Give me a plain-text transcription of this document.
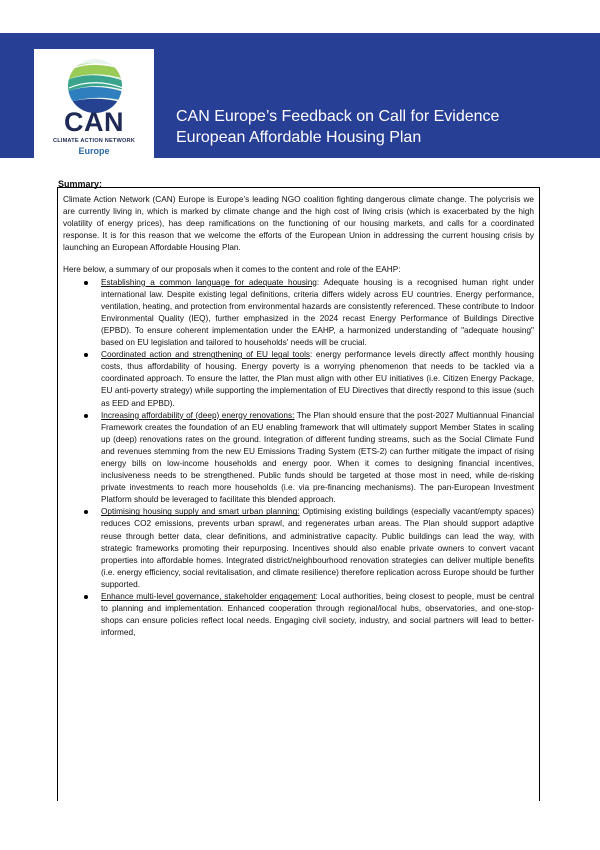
CAN
CLIMATE ACTION NETWORK
Europe
CAN Europe’s Feedback on Call for Evidence
European Affordable Housing Plan
Summary:

Climate Action Network (CAN) Europe is Europe’s leading NGO coalition fighting dangerous climate change. The polycrisis we are currently living in, which is marked by climate change and the high cost of living crisis (which is exacerbated by the high volatility of energy prices), has deep ramifications on the functioning of our housing markets, and calls for a coordinated response. It is for this reason that we welcome the efforts of the European Union in addressing the current housing crisis by launching an European Affordable Housing Plan.

Here below, a summary of our proposals when it comes to the content and role of the EAHP:

Establishing a common language for adequate housing: Adequate housing is a recognised human right under international law. Despite existing legal definitions, criteria differs widely across EU countries. Energy performance, ventilation, heating, and protection from environmental hazards are consistently referenced. These contribute to Indoor Environmental Quality (IEQ), further emphasized in the 2024 recast Energy Performance of Buildings Directive (EPBD). To ensure coherent implementation under the EAHP, a harmonized understanding of "adequate housing" based on EU legislation and tailored to households' needs will be crucial.
Coordinated action and strengthening of EU legal tools: energy performance levels directly affect monthly housing costs, thus affordability of housing. Energy poverty is a worrying phenomenon that needs to be tackled via a coordinated approach. To ensure the latter, the Plan must align with other EU initiatives (i.e. Citizen Energy Package, EU anti-poverty strategy) while supporting the implementation of EU Directives that directly respond to this issue (such as EED and EPBD).
Increasing affordability of (deep) energy renovations: The Plan should ensure that the post-2027 Multiannual Financial Framework creates the foundation of an EU enabling framework that will ultimately support Member States in scaling up (deep) renovations rates on the ground. Integration of different funding streams, such as the Social Climate Fund and revenues stemming from the new EU Emissions Trading System (ETS-2) can further mitigate the impact of rising energy bills on low-income households and energy poor. When it comes to designing financial incentives, inclusiveness needs to be strengthened. Public funds should be targeted at those most in need, while de-risking private investments to reach more households (i.e. via pre-financing mechanisms). The pan-European Investment Platform should be leveraged to facilitate this blended approach.
Optimising housing supply and smart urban planning: Optimising existing buildings (especially vacant/empty spaces) reduces CO2 emissions, prevents urban sprawl, and regenerates urban areas. The Plan should support adaptive reuse through better data, clear definitions, and administrative capacity. Public buildings can lead the way, with strategic frameworks promoting their repurposing. Incentives should also enable private owners to convert vacant properties into affordable homes. Integrated district/neighbourhood renovation strategies can deliver multiple benefits (i.e. energy efficiency, social revitalisation, and climate resilience) therefore replication across Europe should be further supported.
Enhance multi-level governance, stakeholder engagement: Local authorities, being closest to people, must be central to planning and implementation. Enhanced cooperation through regional/local hubs, observatories, and one-stop-shops can ensure policies reflect local needs. Engaging civil society, industry, and social partners will lead to better-informed,
